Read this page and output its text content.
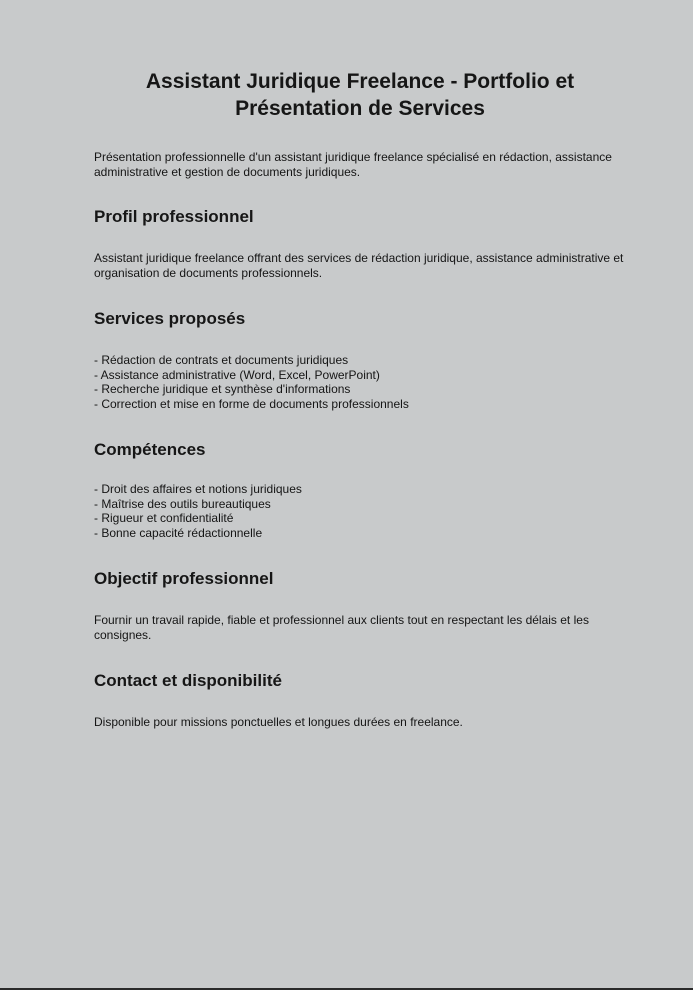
Assistant Juridique Freelance - Portfolio et Présentation de Services

Présentation professionnelle d'un assistant juridique freelance spécialisé en rédaction, assistance administrative et gestion de documents juridiques.

Profil professionnel

Assistant juridique freelance offrant des services de rédaction juridique, assistance administrative et organisation de documents professionnels.

Services proposés
- Rédaction de contrats et documents juridiques
- Assistance administrative (Word, Excel, PowerPoint)
- Recherche juridique et synthèse d'informations
- Correction et mise en forme de documents professionnels
Compétences
- Droit des affaires et notions juridiques
- Maîtrise des outils bureautiques
- Rigueur et confidentialité
- Bonne capacité rédactionnelle
Objectif professionnel

Fournir un travail rapide, fiable et professionnel aux clients tout en respectant les délais et les consignes.

Contact et disponibilité

Disponible pour missions ponctuelles et longues durées en freelance.
